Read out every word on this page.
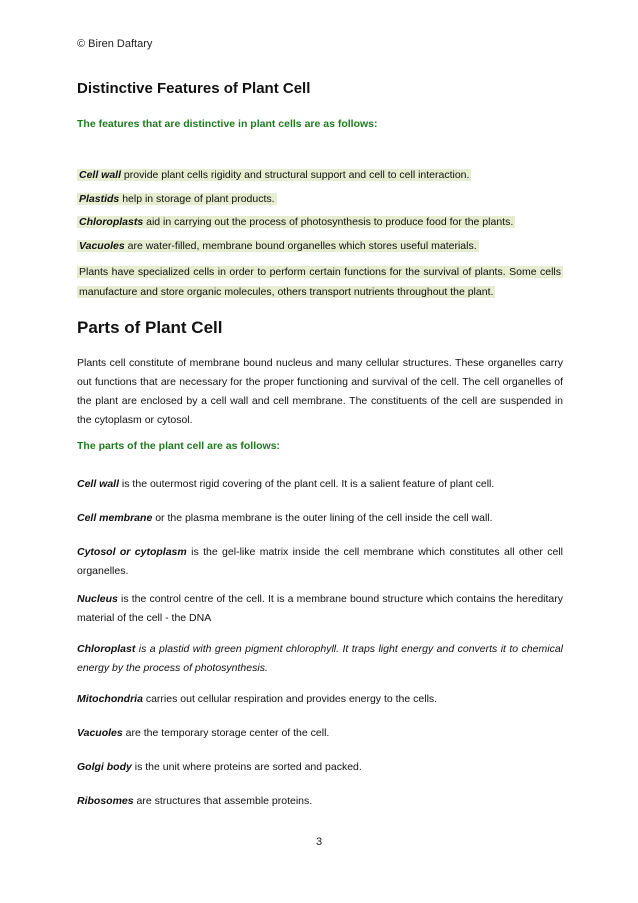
© Biren Daftary
Distinctive Features of Plant Cell
The features that are distinctive in plant cells are as follows:
Cell wall provide plant cells rigidity and structural support and cell to cell interaction.
Plastids help in storage of plant products.
Chloroplasts aid in carrying out the process of photosynthesis to produce food for the plants.
Vacuoles are water-filled, membrane bound organelles which stores useful materials.
Plants have specialized cells in order to perform certain functions for the survival of plants. Some cells manufacture and store organic molecules, others transport nutrients throughout the plant.
Parts of Plant Cell

Plants cell constitute of membrane bound nucleus and many cellular structures. These organelles carry out functions that are necessary for the proper functioning and survival of the cell. The cell organelles of the plant are enclosed by a cell wall and cell membrane. The constituents of the cell are suspended in the cytoplasm or cytosol.

The parts of the plant cell are as follows:

Cell wall is the outermost rigid covering of the plant cell. It is a salient feature of plant cell.

Cell membrane or the plasma membrane is the outer lining of the cell inside the cell wall.

Cytosol or cytoplasm is the gel-like matrix inside the cell membrane which constitutes all other cell organelles.

Nucleus is the control centre of the cell. It is a membrane bound structure which contains the hereditary material of the cell - the DNA

Chloroplast is a plastid with green pigment chlorophyll. It traps light energy and converts it to chemical energy by the process of photosynthesis.

Mitochondria carries out cellular respiration and provides energy to the cells.

Vacuoles are the temporary storage center of the cell.

Golgi body is the unit where proteins are sorted and packed.

Ribosomes are structures that assemble proteins.

3
